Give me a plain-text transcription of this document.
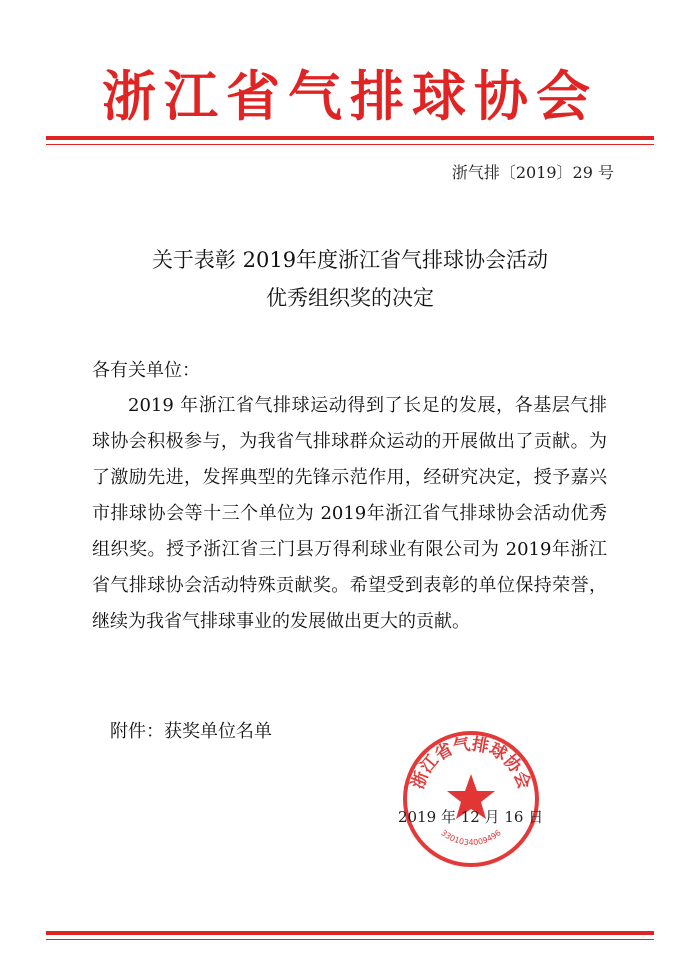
浙江省气排球协会
浙气排〔2019〕29 号
关于表彰 2019年度浙江省气排球协会活动
优秀组织奖的决定
各有关单位：
2019 年浙江省气排球运动得到了长足的发展，各基层气排球协会积极参与，为我省气排球群众运动的开展做出了贡献。为了激励先进，发挥典型的先锋示范作用，经研究决定，授予嘉兴市排球协会等十三个单位为 2019年浙江省气排球协会活动优秀组织奖。授予浙江省三门县万得利球业有限公司为 2019年浙江省气排球协会活动特殊贡献奖。希望受到表彰的单位保持荣誉，继续为我省气排球事业的发展做出更大的贡献。
附件：获奖单位名单
浙江省气排球协会
3301034009496
2019 年 12 月 16 日
